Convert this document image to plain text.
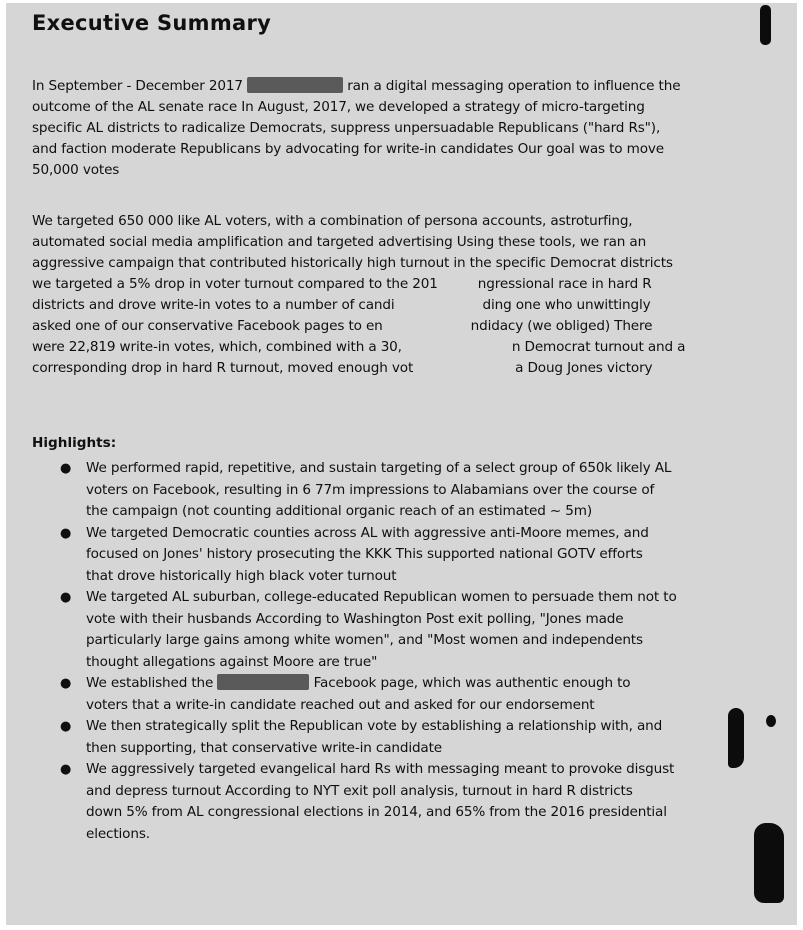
Executive Summary
In September - December 2017	ran a digital messaging operation to influence the
outcome of the AL senate race In August, 2017, we developed a strategy of micro-targeting
specific AL districts to radicalize Democrats, suppress unpersuadable Republicans ("hard Rs"),
and faction moderate Republicans by advocating for write-in candidates Our goal was to move
50,000 votes
We targeted 650 000 like AL voters, with a combination of persona accounts, astroturfing,
automated social media amplification and targeted advertising Using these tools, we ran an
aggressive campaign that contributed historically high turnout in the specific Democrat districts
we targeted a 5% drop in voter turnout compared to the 201	ngressional race in hard R
districts and drove write-in votes to a number of candi	ding one who unwittingly
asked one of our conservative Facebook pages to en	ndidacy (we obliged) There
were 22,819 write-in votes, which, combined with a 30,	n Democrat turnout and a
corresponding drop in hard R turnout, moved enough vot	a Doug Jones victory
Highlights:
● We performed rapid, repetitive, and sustain targeting of a select group of 650k likely AL
voters on Facebook, resulting in 6 77m impressions to Alabamians over the course of
the campaign (not counting additional organic reach of an estimated ~ 5m)
● We targeted Democratic counties across AL with aggressive anti-Moore memes, and
focused on Jones' history prosecuting the KKK This supported national GOTV efforts
that drove historically high black voter turnout
● We targeted AL suburban, college-educated Republican women to persuade them not to
vote with their husbands According to Washington Post exit polling, "Jones made
particularly large gains among white women", and "Most women and independents
thought allegations against Moore are true"
● We established the	Facebook page, which was authentic enough to
voters that a write-in candidate reached out and asked for our endorsement
● We then strategically split the Republican vote by establishing a relationship with, and
then supporting, that conservative write-in candidate
● We aggressively targeted evangelical hard Rs with messaging meant to provoke disgust
and depress turnout According to NYT exit poll analysis, turnout in hard R districts
down 5% from AL congressional elections in 2014, and 65% from the 2016 presidential
elections.
